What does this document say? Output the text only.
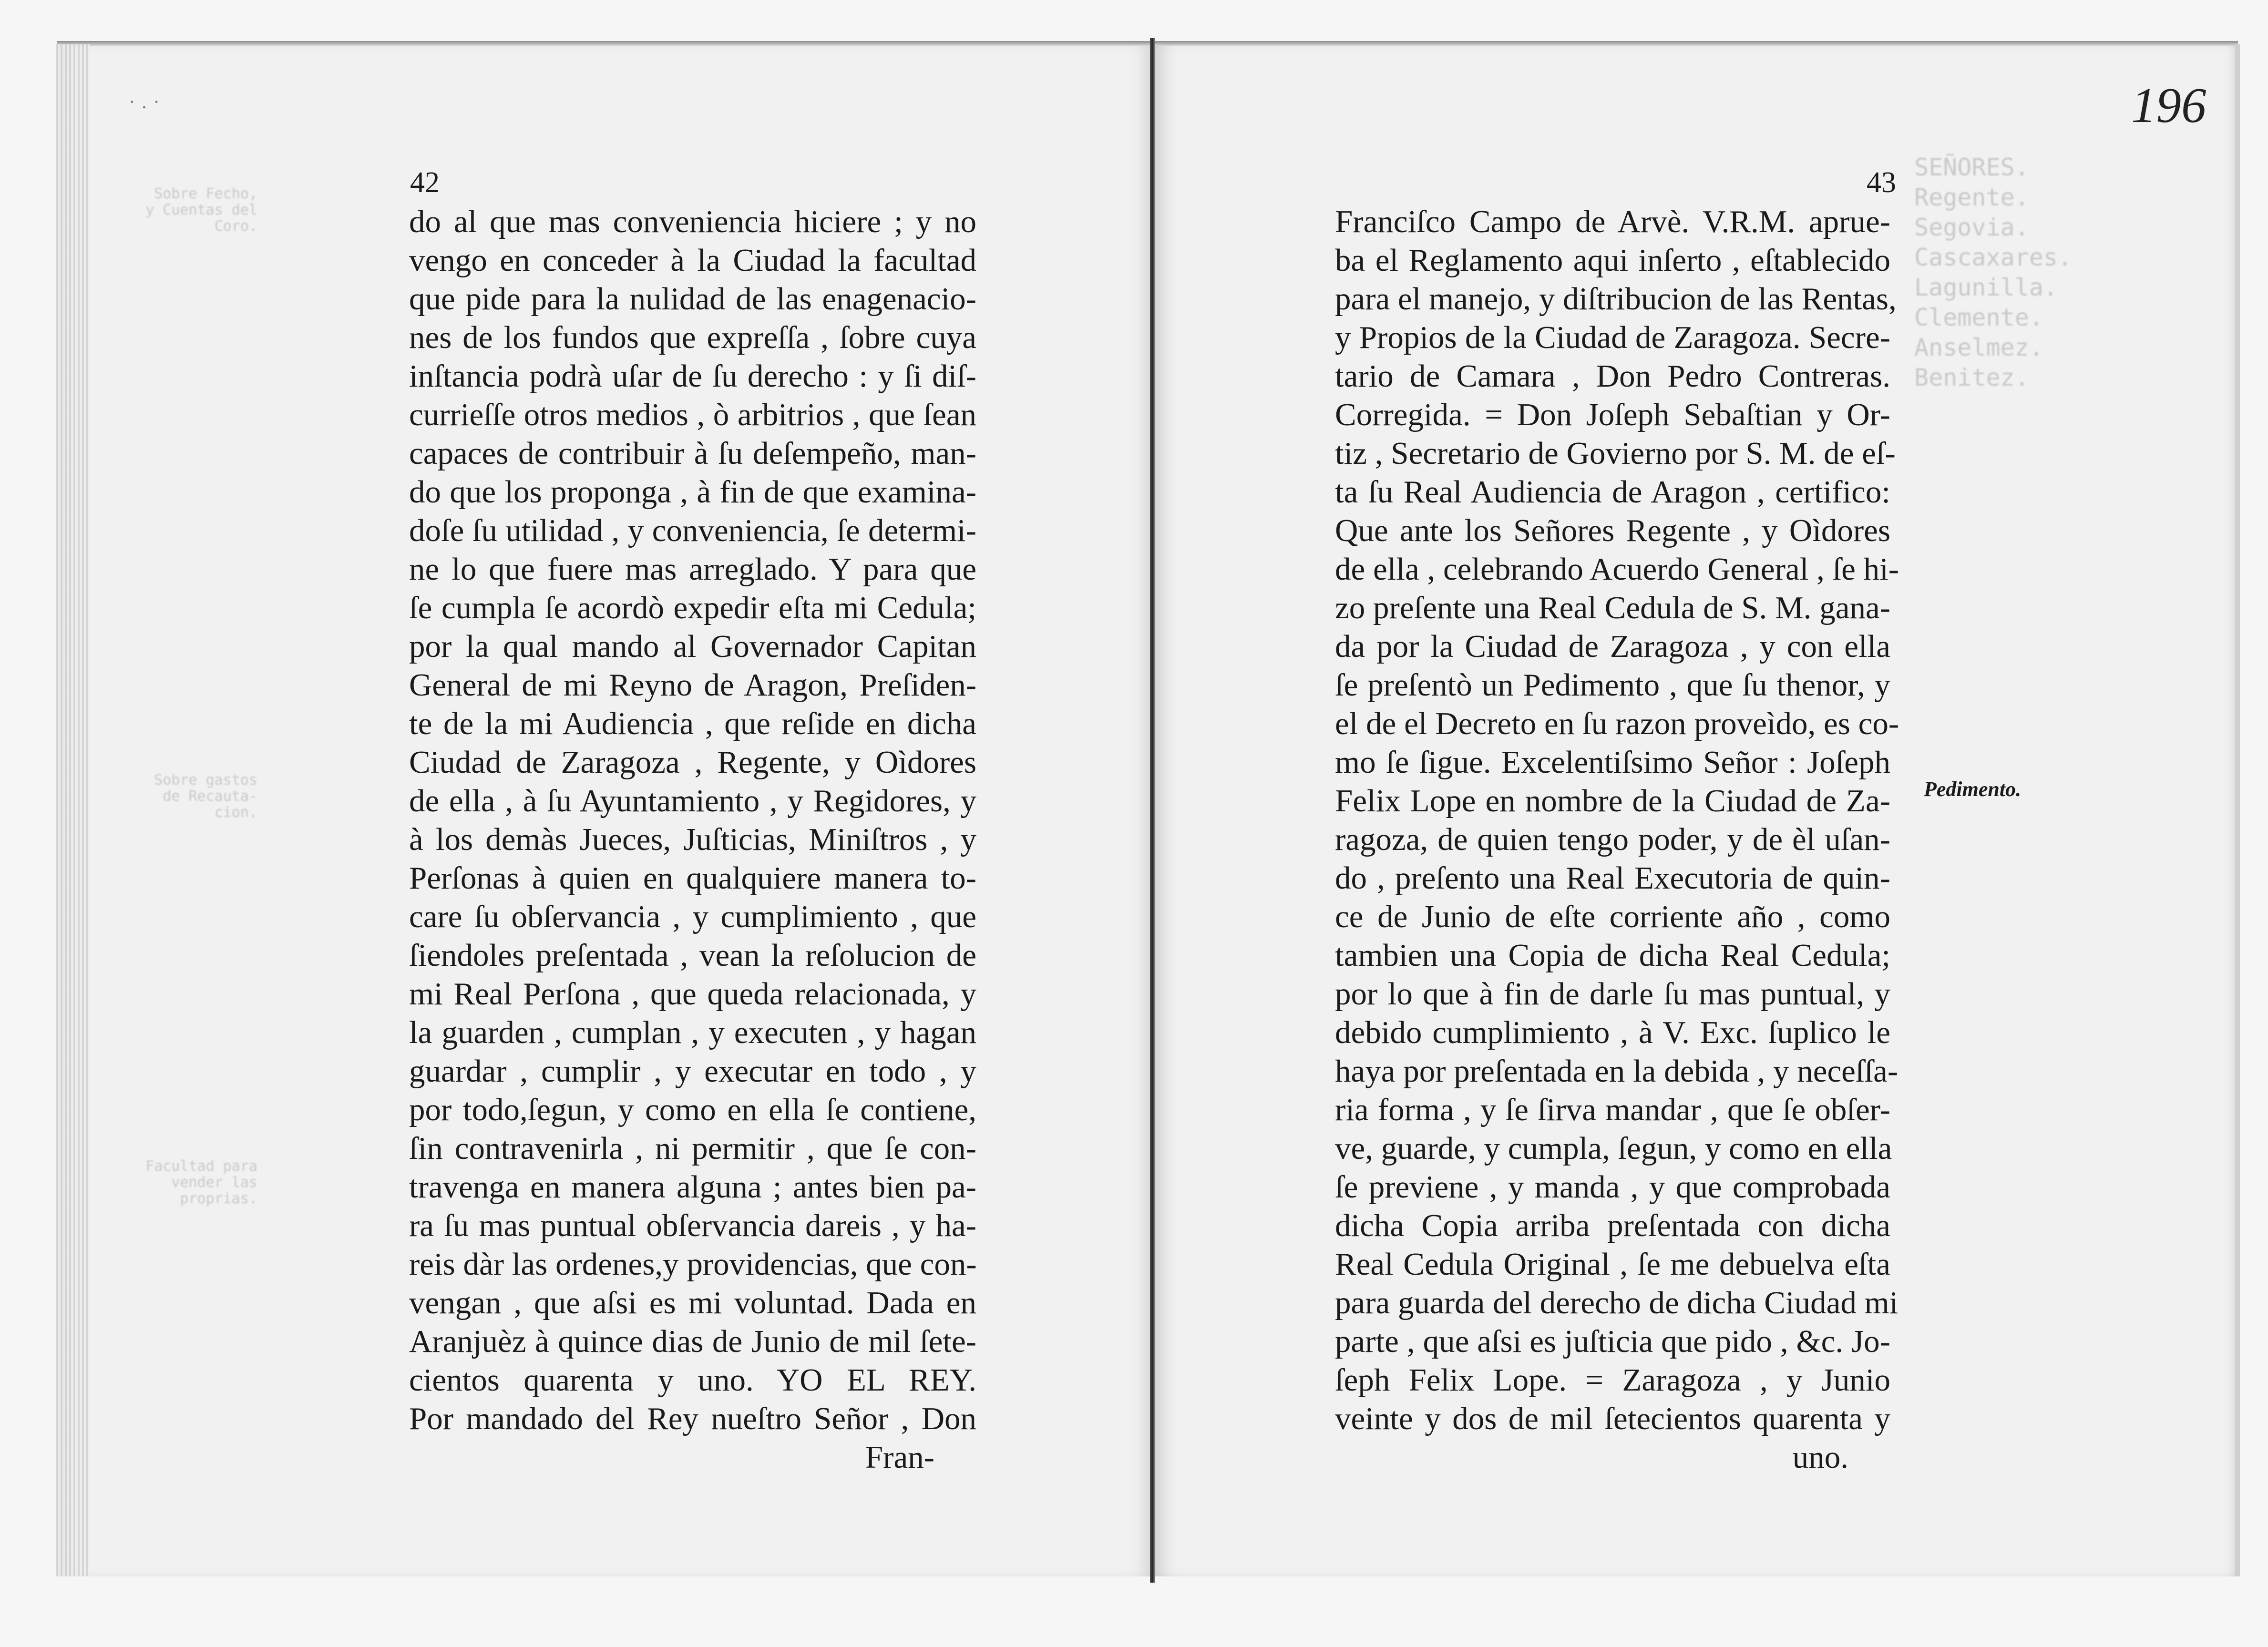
·.·	196
42	43
do al que mas conveniencia hiciere ; y no
vengo en conceder à la Ciudad la facultad
que pide para la nulidad de las enagenacio-
nes de los fundos que expreſſa , ſobre cuya
inſtancia podrà uſar de ſu derecho : y ſi diſ-
currieſſe otros medios , ò arbitrios , que ſean
capaces de contribuir à ſu deſempeño, man-
do que los proponga , à fin de que examina-
doſe ſu utilidad , y conveniencia, ſe determi-
ne lo que fuere mas arreglado. Y para que
ſe cumpla ſe acordò expedir eſta mi Cedula;
por la qual mando al Governador Capitan
General de mi Reyno de Aragon, Preſiden-
te de la mi Audiencia , que reſide en dicha
Ciudad de Zaragoza , Regente, y Oìdores
de ella , à ſu Ayuntamiento , y Regidores, y
à los demàs Jueces, Juſticias, Miniſtros , y
Perſonas à quien en qualquiere manera to-
care ſu obſervancia , y cumplimiento , que
ſiendoles preſentada , vean la reſolucion de
mi Real Perſona , que queda relacionada, y
la guarden , cumplan , y executen , y hagan
guardar , cumplir , y executar en todo , y
por todo,ſegun, y como en ella ſe contiene,
ſin contravenirla , ni permitir , que ſe con-
travenga en manera alguna ; antes bien pa-
ra ſu mas puntual obſervancia dareis , y ha-
reis dàr las ordenes,y providencias, que con-
vengan , que aſsi es mi voluntad. Dada en
Aranjuèz à quince dias de Junio de mil ſete-
cientos quarenta y uno. YO EL REY.
Por mandado del Rey nueſtro Señor , Don
Fran-
Franciſco Campo de Arvè. V.R.M. aprue-
ba el Reglamento aqui inſerto , eſtablecido
para el manejo, y diſtribucion de las Rentas,
y Propios de la Ciudad de Zaragoza. Secre-
tario de Camara , Don Pedro Contreras.
Corregida. = Don Joſeph Sebaſtian y Or-
tiz , Secretario de Govierno por S. M. de eſ-
ta ſu Real Audiencia de Aragon , certifico:
Que ante los Señores Regente , y Oìdores
de ella , celebrando Acuerdo General , ſe hi-
zo preſente una Real Cedula de S. M. gana-
da por la Ciudad de Zaragoza , y con ella
ſe preſentò un Pedimento , que ſu thenor, y
el de el Decreto en ſu razon proveìdo, es co-
mo ſe ſigue. Excelentiſsimo Señor : Joſeph
Felix Lope en nombre de la Ciudad de Za-
ragoza, de quien tengo poder, y de èl uſan-
do , preſento una Real Executoria de quin-
ce de Junio de eſte corriente año , como
tambien una Copia de dicha Real Cedula;
por lo que à fin de darle ſu mas puntual, y
debido cumplimiento , à V. Exc. ſuplico le
haya por preſentada en la debida , y neceſſa-
ria forma , y ſe ſirva mandar , que ſe obſer-
ve, guarde, y cumpla, ſegun, y como en ella
ſe previene , y manda , y que comprobada
dicha Copia arriba preſentada con dicha
Real Cedula Original , ſe me debuelva eſta
para guarda del derecho de dicha Ciudad mi
parte , que aſsi es juſticia que pido , &c. Jo-
ſeph Felix Lope. = Zaragoza , y Junio
veinte y dos de mil ſetecientos quarenta y
uno.
Pedimento.
Sobre Fecho, y Cuentas del Coro.
Sobre gastos de Recauta-cion.
Facultad para vender las proprias.
SEÑORES.
Regente.
Segovia.
Cascaxares.
Lagunilla.
Clemente.
Anselmez.
Benitez.
